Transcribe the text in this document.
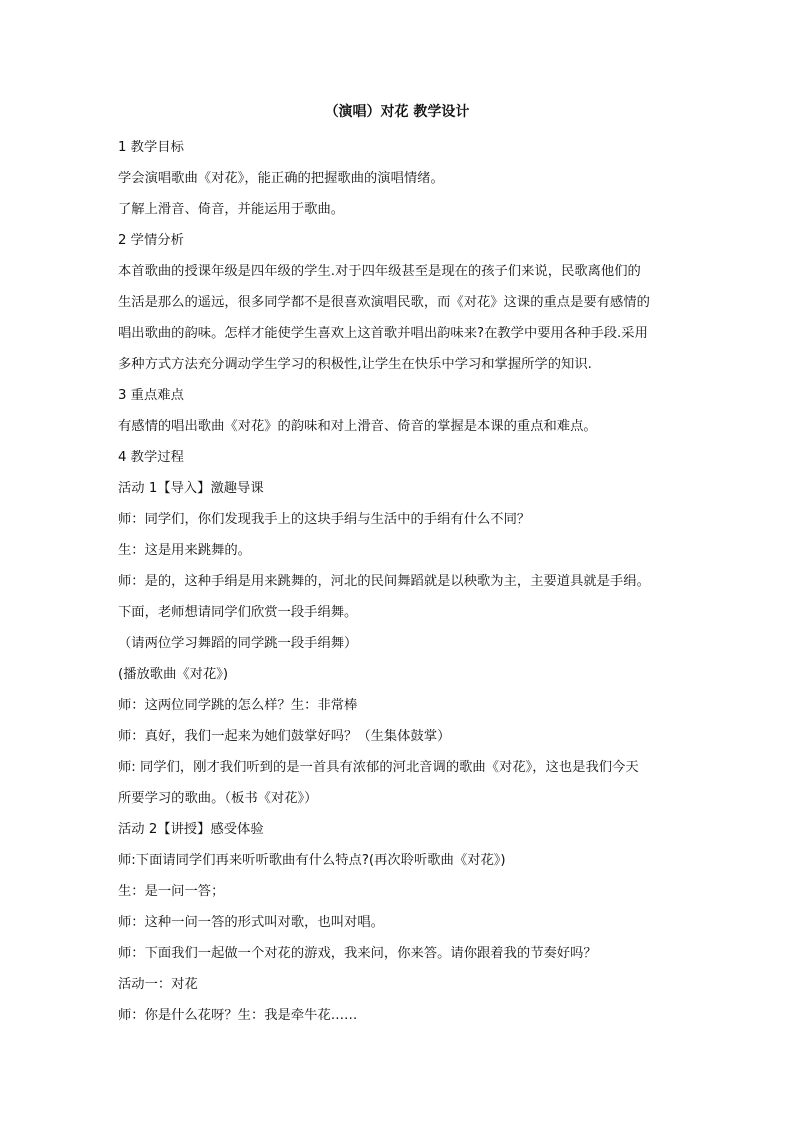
（演唱）对花 教学设计
1 教学目标
学会演唱歌曲《对花》，能正确的把握歌曲的演唱情绪。
了解上滑音、倚音，并能运用于歌曲。
2 学情分析
本首歌曲的授课年级是四年级的学生.对于四年级甚至是现在的孩子们来说，民歌离他们的
生活是那么的遥远，很多同学都不是很喜欢演唱民歌，而《对花》这课的重点是要有感情的
唱出歌曲的韵味。怎样才能使学生喜欢上这首歌并唱出韵味来?在教学中要用各种手段.采用
多种方式方法充分调动学生学习的积极性,让学生在快乐中学习和掌握所学的知识.
3 重点难点
有感情的唱出歌曲《对花》的韵味和对上滑音、倚音的掌握是本课的重点和难点。
4 教学过程
活动 1【导入】激趣导课
师：同学们，你们发现我手上的这块手绢与生活中的手绢有什么不同？
生：这是用来跳舞的。
师：是的，这种手绢是用来跳舞的，河北的民间舞蹈就是以秧歌为主，主要道具就是手绢。
下面，老师想请同学们欣赏一段手绢舞。
（请两位学习舞蹈的同学跳一段手绢舞）
(播放歌曲《对花》)
师：这两位同学跳的怎么样？生：非常棒
师：真好，我们一起来为她们鼓掌好吗？（生集体鼓掌）
师: 同学们，刚才我们听到的是一首具有浓郁的河北音调的歌曲《对花》，这也是我们今天
所要学习的歌曲。（板书《对花》）
活动 2【讲授】感受体验
师:下面请同学们再来听听歌曲有什么特点?(再次聆听歌曲《对花》)
生：是一问一答；
师：这种一问一答的形式叫对歌，也叫对唱。
师：下面我们一起做一个对花的游戏，我来问，你来答。请你跟着我的节奏好吗？
活动一：对花
师：你是什么花呀？生：我是牵牛花……
